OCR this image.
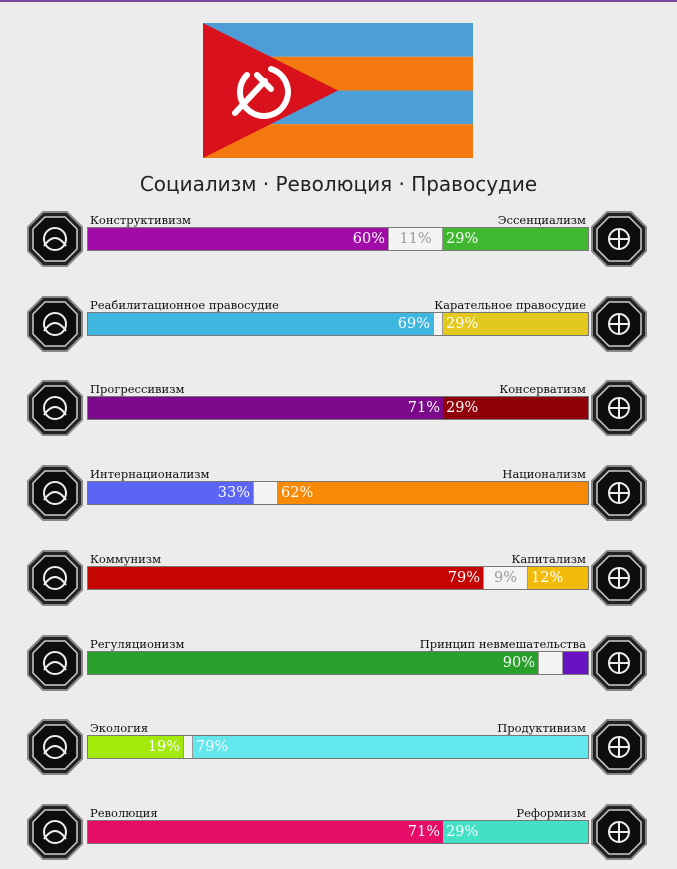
Социализм · Революция · Правосудие
Конструктивизм	Эссенциализм
60% 11% 29%
Реабилитационное правосудие	Карательное правосудие
69% 29%
Прогрессивизм	Консерватизм
71% 29%
Интернационализм	Национализм
33% 62%
Коммунизм	Капитализм
79% 9% 12%
Регуляционизм	Принцип невмешательства
90%
Экология	Продуктивизм
19% 79%
Революция	Реформизм
71% 29%
